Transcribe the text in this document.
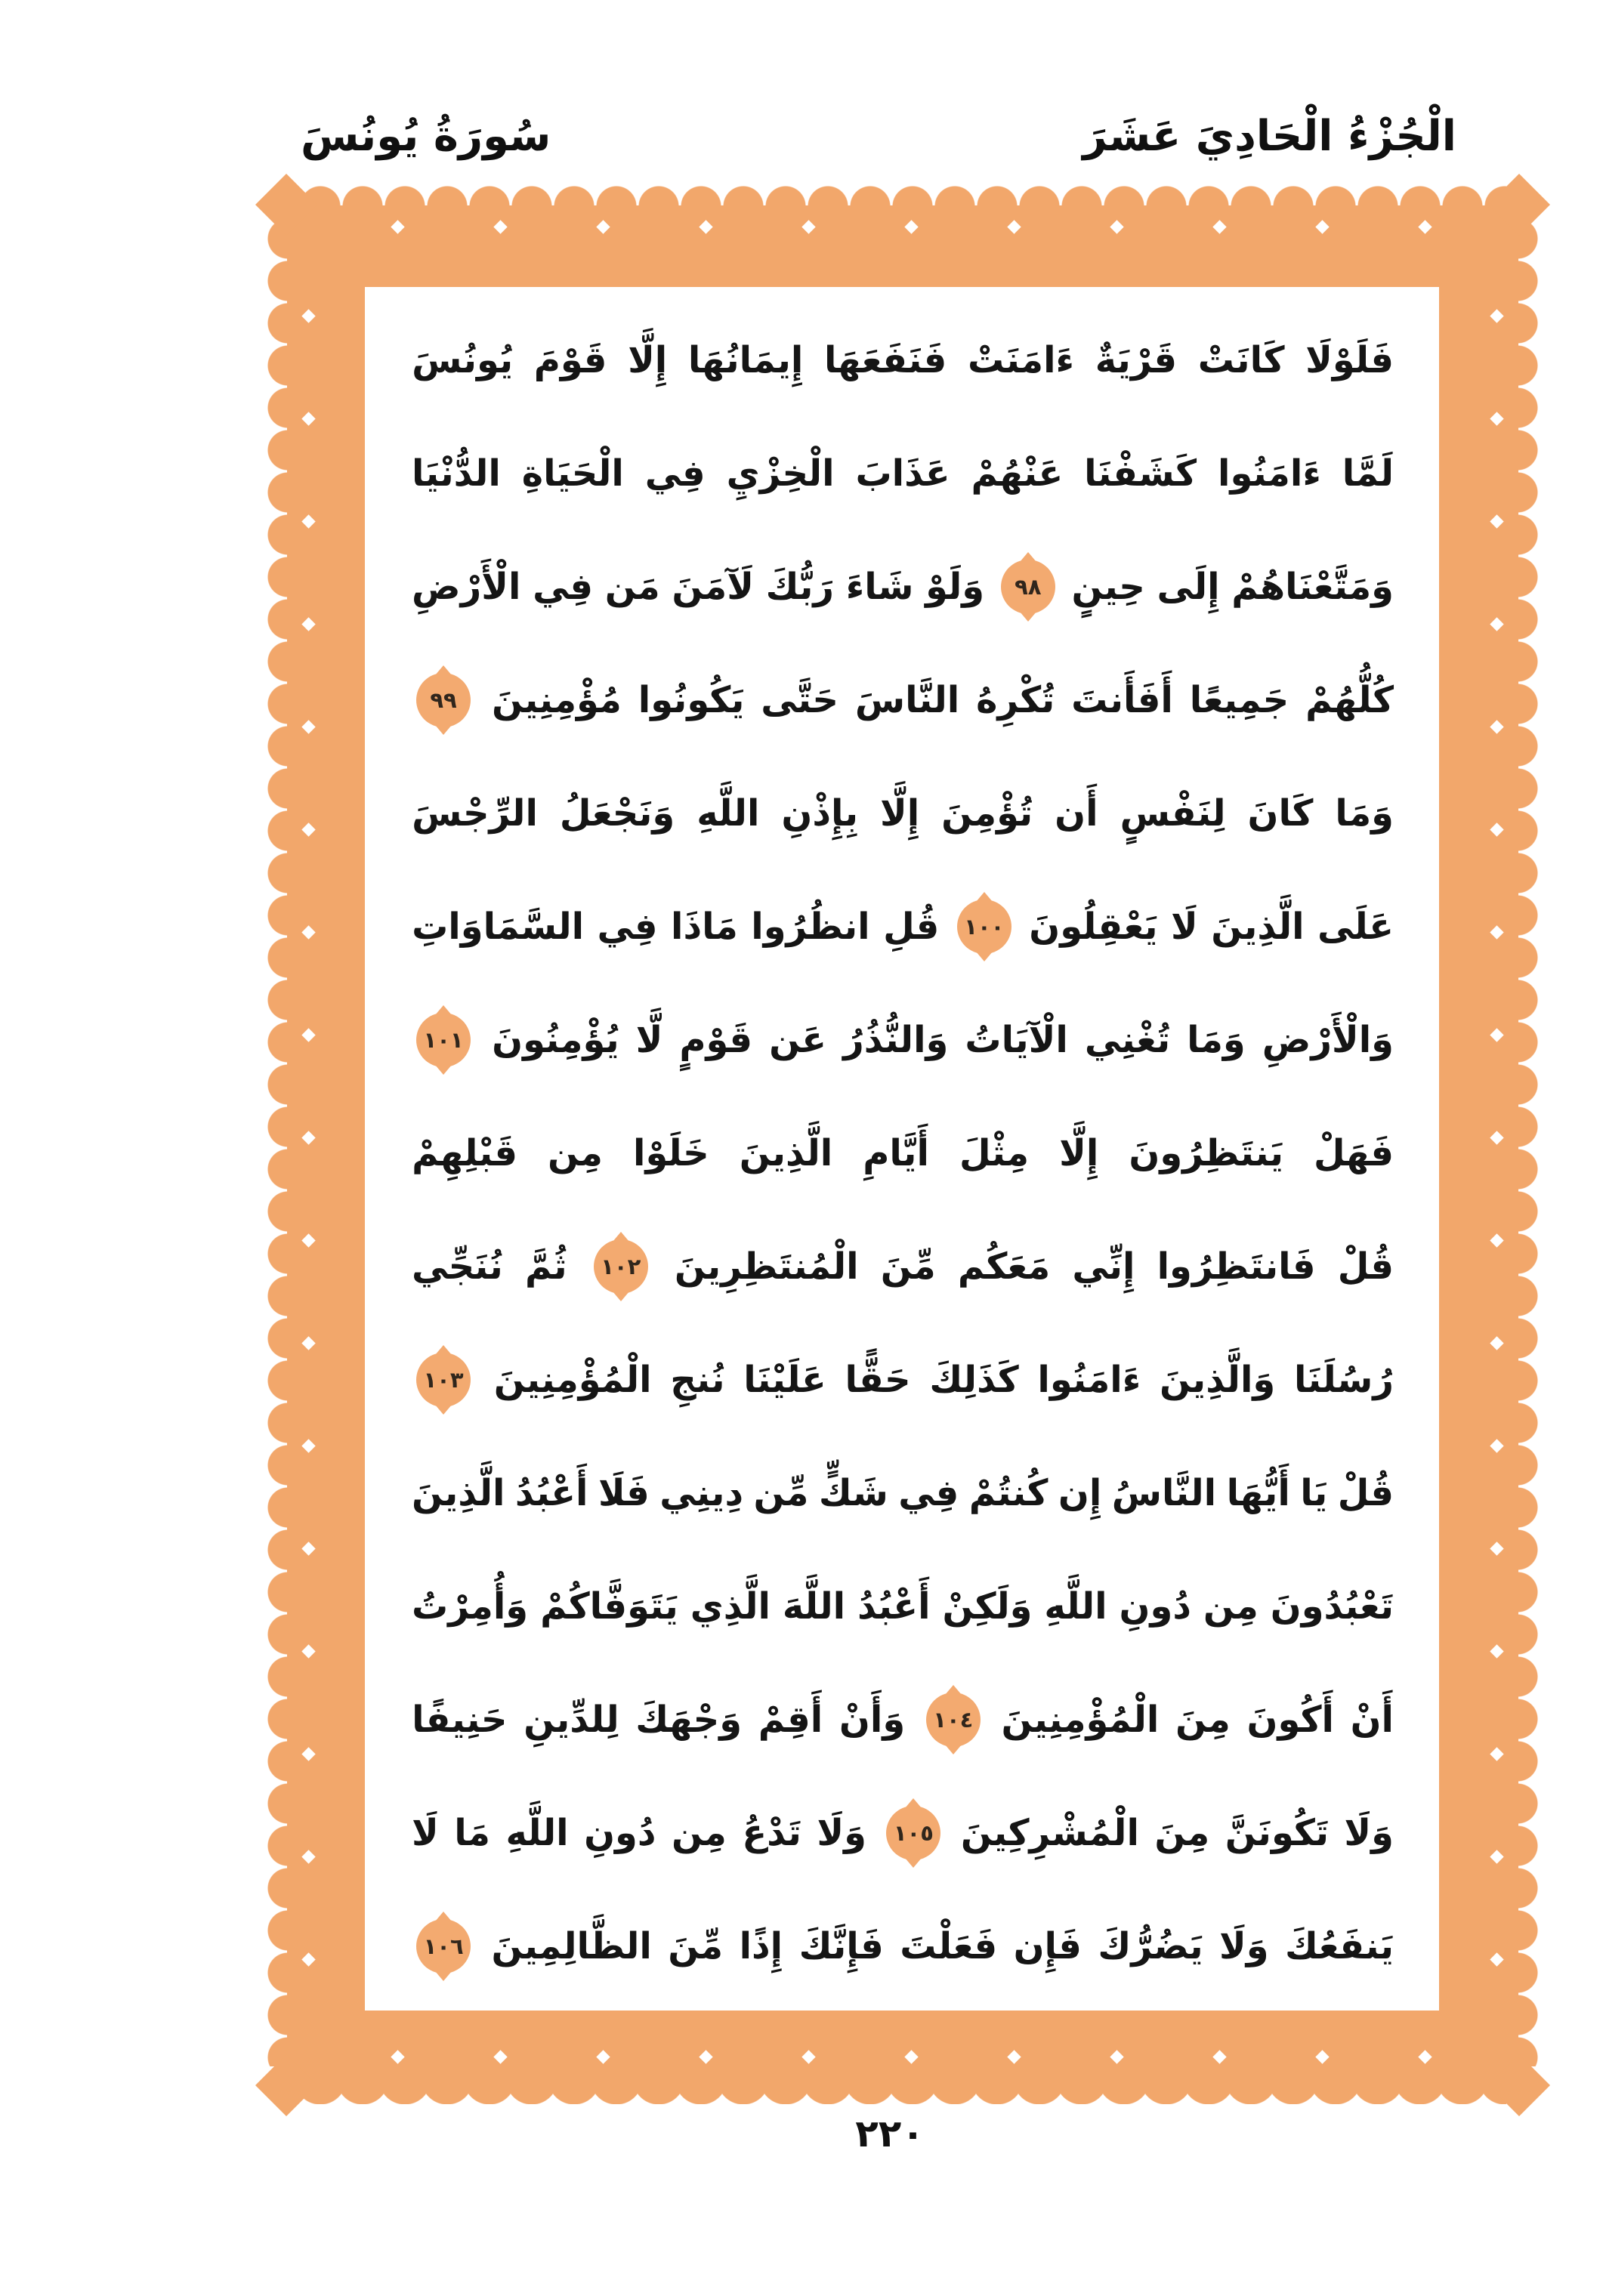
الْجُزْءُ الْحَادِيَ عَشَرَ
سُورَةُ يُونُسَ
فَلَوْلَا
كَانَتْ
قَرْيَةٌ
ءَامَنَتْ
فَنَفَعَهَا
إِيمَانُهَا
إِلَّا
قَوْمَ
يُونُسَ
لَمَّا
ءَامَنُوا
كَشَفْنَا
عَنْهُمْ
عَذَابَ
الْخِزْيِ
فِي
الْحَيَاةِ
الدُّنْيَا
وَمَتَّعْنَاهُمْ
إِلَى
حِينٍ
٩٨
وَلَوْ
شَاءَ
رَبُّكَ
لَآمَنَ
مَن
فِي
الْأَرْضِ
كُلُّهُمْ
جَمِيعًا
أَفَأَنتَ
تُكْرِهُ
النَّاسَ
حَتَّى
يَكُونُوا
مُؤْمِنِينَ
٩٩
وَمَا
كَانَ
لِنَفْسٍ
أَن
تُؤْمِنَ
إِلَّا
بِإِذْنِ
اللَّهِ
وَنَجْعَلُ
الرِّجْسَ
عَلَى
الَّذِينَ
لَا
يَعْقِلُونَ
١٠٠
قُلِ
انظُرُوا
مَاذَا
فِي
السَّمَاوَاتِ
وَالْأَرْضِ
وَمَا
تُغْنِي
الْآيَاتُ
وَالنُّذُرُ
عَن
قَوْمٍ
لَّا
يُؤْمِنُونَ
١٠١
فَهَلْ
يَنتَظِرُونَ
إِلَّا
مِثْلَ
أَيَّامِ
الَّذِينَ
خَلَوْا
مِن
قَبْلِهِمْ
قُلْ
فَانتَظِرُوا
إِنِّي
مَعَكُم
مِّنَ
الْمُنتَظِرِينَ
١٠٢
ثُمَّ
نُنَجِّي
رُسُلَنَا
وَالَّذِينَ
ءَامَنُوا
كَذَلِكَ
حَقًّا
عَلَيْنَا
نُنجِ
الْمُؤْمِنِينَ
١٠٣
قُلْ
يَا
أَيُّهَا
النَّاسُ
إِن
كُنتُمْ
فِي
شَكٍّ
مِّن
دِينِي
فَلَا
أَعْبُدُ
الَّذِينَ
تَعْبُدُونَ
مِن
دُونِ
اللَّهِ
وَلَكِنْ
أَعْبُدُ
اللَّهَ
الَّذِي
يَتَوَفَّاكُمْ
وَأُمِرْتُ
أَنْ
أَكُونَ
مِنَ
الْمُؤْمِنِينَ
١٠٤
وَأَنْ
أَقِمْ
وَجْهَكَ
لِلدِّينِ
حَنِيفًا
وَلَا
تَكُونَنَّ
مِنَ
الْمُشْرِكِينَ
١٠٥
وَلَا
تَدْعُ
مِن
دُونِ
اللَّهِ
مَا
لَا
يَنفَعُكَ
وَلَا
يَضُرُّكَ
فَإِن
فَعَلْتَ
فَإِنَّكَ
إِذًا
مِّنَ
الظَّالِمِينَ
١٠٦
٢٢٠
